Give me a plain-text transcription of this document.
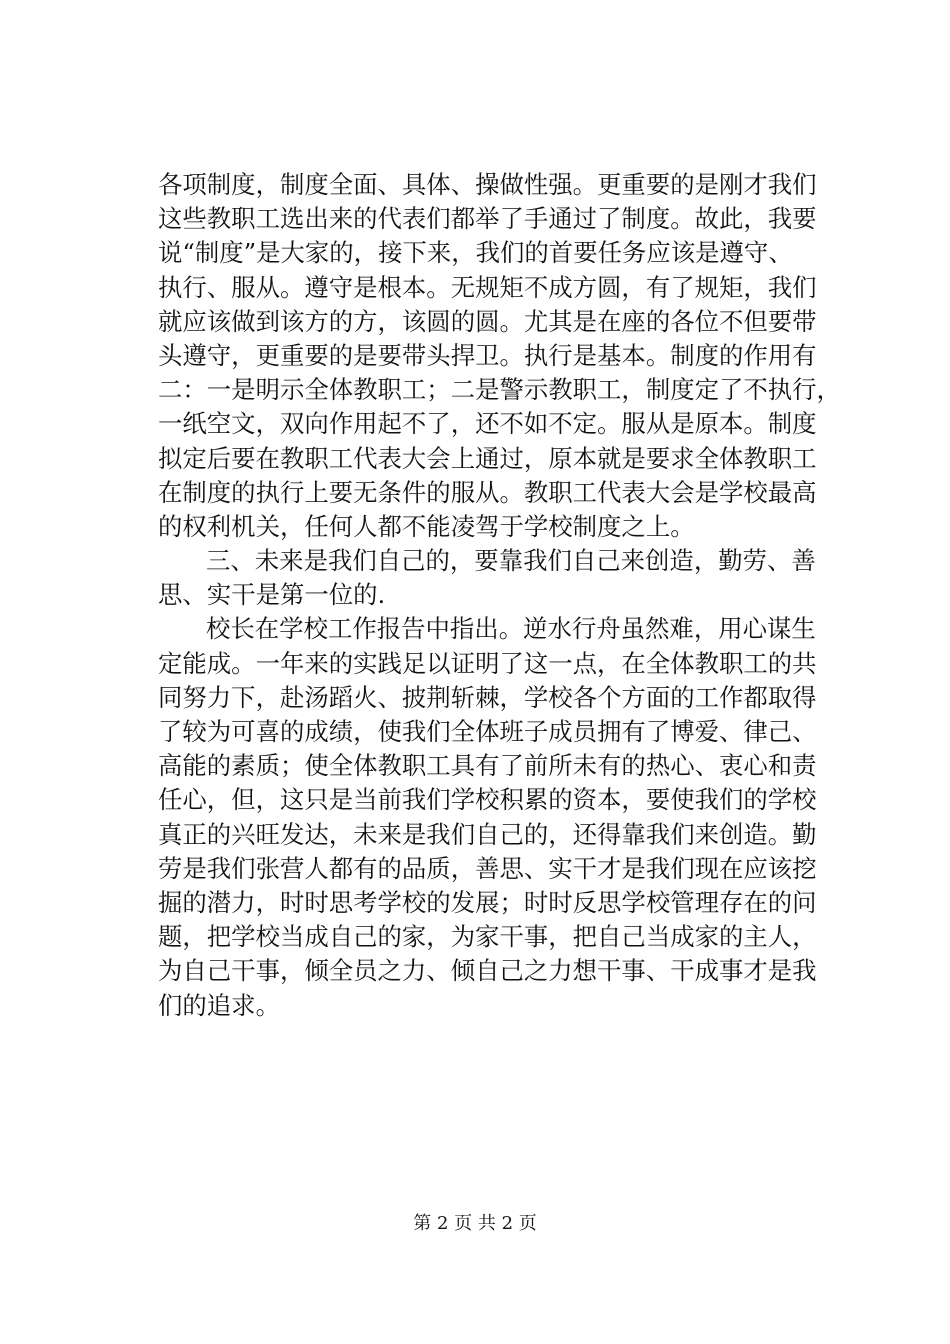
各项制度，制度全面、具体、操做性强。更重要的是刚才我们
这些教职工选出来的代表们都举了手通过了制度。故此，我要
说“制度”是大家的，接下来，我们的首要任务应该是遵守、
执行、服从。遵守是根本。无规矩不成方圆，有了规矩，我们
就应该做到该方的方，该圆的圆。尤其是在座的各位不但要带
头遵守，更重要的是要带头捍卫。执行是基本。制度的作用有
二：一是明示全体教职工；二是警示教职工，制度定了不执行，
一纸空文，双向作用起不了，还不如不定。服从是原本。制度
拟定后要在教职工代表大会上通过，原本就是要求全体教职工
在制度的执行上要无条件的服从。教职工代表大会是学校最高
的权利机关，任何人都不能凌驾于学校制度之上。
三、未来是我们自己的，要靠我们自己来创造，勤劳、善
思、实干是第一位的.
校长在学校工作报告中指出。逆水行舟虽然难，用心谋生
定能成。一年来的实践足以证明了这一点，在全体教职工的共
同努力下，赴汤蹈火、披荆斩棘，学校各个方面的工作都取得
了较为可喜的成绩，使我们全体班子成员拥有了博爱、律己、
高能的素质；使全体教职工具有了前所未有的热心、衷心和责
任心，但，这只是当前我们学校积累的资本，要使我们的学校
真正的兴旺发达，未来是我们自己的，还得靠我们来创造。勤
劳是我们张营人都有的品质，善思、实干才是我们现在应该挖
掘的潜力，时时思考学校的发展；时时反思学校管理存在的问
题，把学校当成自己的家，为家干事，把自己当成家的主人，
为自己干事，倾全员之力、倾自己之力想干事、干成事才是我
们的追求。
第 2 页 共 2 页
